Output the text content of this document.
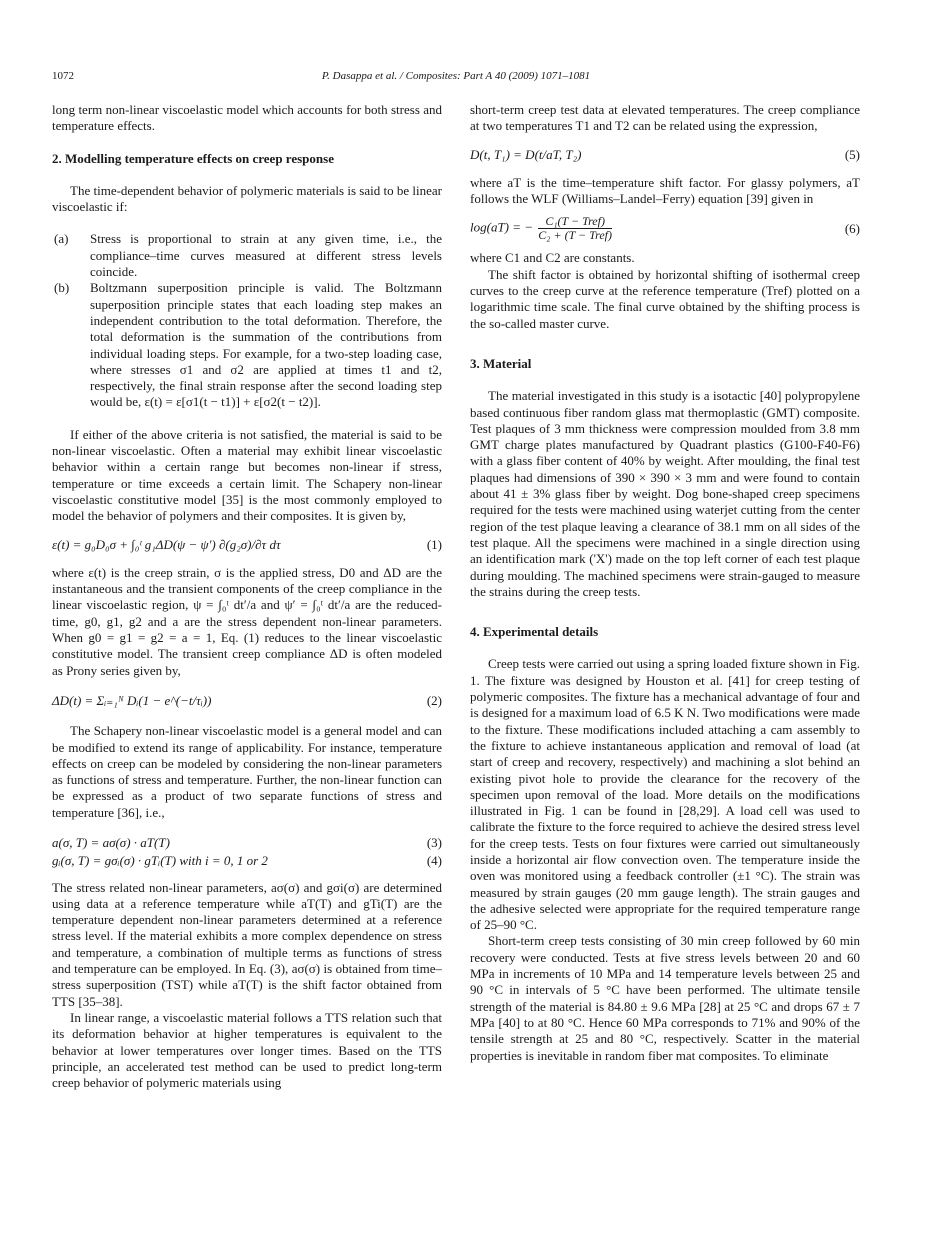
1072	P. Dasappa et al. / Composites: Part A 40 (2009) 1071–1081

long term non-linear viscoelastic model which accounts for both stress and temperature effects.

2. Modelling temperature effects on creep response

The time-dependent behavior of polymeric materials is said to be linear viscoelastic if:

(a)	Stress is proportional to strain at any given time, i.e., the compliance–time curves measured at different stress levels coincide.
(b)	Boltzmann superposition principle is valid. The Boltzmann superposition principle states that each loading step makes an independent contribution to the total deformation. Therefore, the total deformation is the summation of the contributions from individual loading steps. For example, for a two-step loading case, where stresses σ1 and σ2 are applied at times t1 and t2, respectively, the final strain response after the second loading step would be, ε(t) = ε[σ1(t − t1)] + ε[σ2(t − t2)].

If either of the above criteria is not satisfied, the material is said to be non-linear viscoelastic. Often a material may exhibit linear viscoelastic behavior within a certain range but becomes non-linear if stress, temperature or time exceeds a certain limit. The Schapery non-linear viscoelastic constitutive model [35] is the most commonly employed to model the behavior of polymers and their composites. It is given by,

ε(t) = g₀D₀σ + ∫₀ᵗ g₁ΔD(ψ − ψ′) ∂(g₂σ)/∂τ dτ	(1)

where ε(t) is the creep strain, σ is the applied stress, D0 and ΔD are the instantaneous and the transient components of the creep compliance in the linear viscoelastic region, ψ = ∫₀ᵗ dt′/a and ψ′ = ∫₀ᵗ dt′/a are the reduced-time, g0, g1, g2 and a are the stress dependent non-linear parameters. When g0 = g1 = g2 = a = 1, Eq. (1) reduces to the linear viscoelastic constitutive model. The transient creep compliance ΔD is often modeled as Prony series given by,

ΔD(t) = Σᵢ₌₁ᴺ Dᵢ(1 − e^(−t/τᵢ))	(2)

The Schapery non-linear viscoelastic model is a general model and can be modified to extend its range of applicability. For instance, temperature effects on creep can be modeled by considering the non-linear parameters as functions of stress and temperature. Further, the non-linear function can be expressed as a product of two separate functions of stress and temperature [36], i.e.,

a(σ, T) = aσ(σ) · aT(T)	(3)
gᵢ(σ, T) = gσᵢ(σ) · gTᵢ(T) with i = 0, 1 or 2	(4)

The stress related non-linear parameters, aσ(σ) and gσi(σ) are determined using data at a reference temperature while aT(T) and gTi(T) are the temperature dependent non-linear parameters determined at a reference stress level. If the material exhibits a more complex dependence on stress and temperature, a combination of multiple terms as functions of stress and temperature can be employed. In Eq. (3), aσ(σ) is obtained from time–stress superposition (TST) while aT(T) is the shift factor obtained from TTS [35–38].

In linear range, a viscoelastic material follows a TTS relation such that its deformation behavior at higher temperatures is equivalent to the behavior at lower temperatures over longer times. Based on the TTS principle, an accelerated test method can be used to predict long-term creep behavior of polymeric materials using

short-term creep test data at elevated temperatures. The creep compliance at two temperatures T1 and T2 can be related using the expression,

D(t, T₁) = D(t/aT, T₂)	(5)

where aT is the time–temperature shift factor. For glassy polymers, aT follows the WLF (Williams–Landel–Ferry) equation [39] given in

log(aT) = − $\frac{\text{C₁(T − Tref)}}{\text{C₂ + (T − Tref)}}$	(6)

where C1 and C2 are constants.

The shift factor is obtained by horizontal shifting of isothermal creep curves to the creep curve at the reference temperature (Tref) plotted on a logarithmic time scale. The final curve obtained by the shifting process is the so-called master curve.

3. Material

The material investigated in this study is a isotactic [40] polypropylene based continuous fiber random glass mat thermoplastic (GMT) composite. Test plaques of 3 mm thickness were compression moulded from 3.8 mm GMT charge plates manufactured by Quadrant plastics (G100-F40-F6) with a glass fiber content of 40% by weight. After moulding, the final test plaques had dimensions of 390 × 390 × 3 mm and were found to contain about 41 ± 3% glass fiber by weight. Dog bone-shaped creep specimens required for the tests were machined using waterjet cutting from the center region of the test plaque leaving a clearance of 38.1 mm on all sides of the test plaque. All the specimens were machined in a single direction using an identification mark ('X') made on the top left corner of each test plaque during moulding. The machined specimens were strain-gauged to measure the strains during the creep tests.

4. Experimental details

Creep tests were carried out using a spring loaded fixture shown in Fig. 1. The fixture was designed by Houston et al. [41] for creep testing of polymeric composites. The fixture has a mechanical advantage of four and is designed for a maximum load of 6.5 K N. Two modifications were made to the fixture. These modifications included attaching a cam assembly to the fixture to achieve instantaneous application and removal of load (at start of creep and recovery, respectively) and machining a slot behind an existing pivot hole to provide the clearance for the recovery of the specimen upon removal of the load. More details on the modifications illustrated in Fig. 1 can be found in [28,29]. A load cell was used to calibrate the fixture to the force required to achieve the desired stress level for the creep tests. Tests on four fixtures were carried out simultaneously inside a horizontal air flow convection oven. The temperature inside the oven was monitored using a feedback controller (±1 °C). The strain was measured by strain gauges (20 mm gauge length). The strain gauges and the adhesive selected were appropriate for the required temperature range of 25–90 °C.

Short-term creep tests consisting of 30 min creep followed by 60 min recovery were conducted. Tests at five stress levels between 20 and 60 MPa in increments of 10 MPa and 14 temperature levels between 25 and 90 °C in intervals of 5 °C have been performed. The ultimate tensile strength of the material is 84.80 ± 9.6 MPa [28] at 25 °C and drops 67 ± 7 MPa [40] to at 80 °C. Hence 60 MPa corresponds to 71% and 90% of the tensile strength at 25 and 80 °C, respectively. Scatter in the material properties is inevitable in random fiber mat composites. To eliminate
